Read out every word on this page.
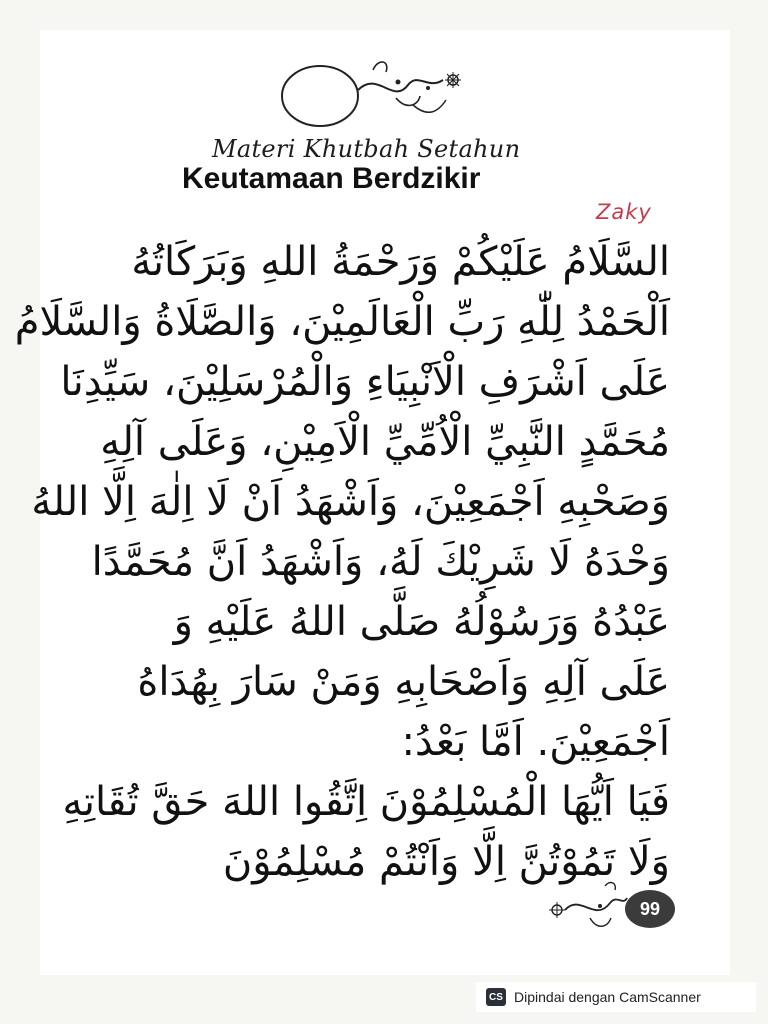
Materi Khutbah Setahun
Keutamaan Berdzikir
Zaky
السَّلَامُ عَلَيْكُمْ وَرَحْمَةُ اللهِ وَبَرَكَاتُهُ
اَلْحَمْدُ لِلّٰهِ رَبِّ الْعَالَمِيْنَ، وَالصَّلَاةُ وَالسَّلَامُ
عَلَى اَشْرَفِ الْاَنْبِيَاءِ وَالْمُرْسَلِيْنَ، سَيِّدِنَا
مُحَمَّدٍ النَّبِيِّ الْاُمِّيِّ الْاَمِيْنِ، وَعَلَى آلِهِ
وَصَحْبِهِ اَجْمَعِيْنَ، وَاَشْهَدُ اَنْ لَا اِلٰهَ اِلَّا اللهُ
وَحْدَهُ لَا شَرِيْكَ لَهُ، وَاَشْهَدُ اَنَّ مُحَمَّدًا
عَبْدُهُ وَرَسُوْلُهُ صَلَّى اللهُ عَلَيْهِ وَ
عَلَى آلِهِ وَاَصْحَابِهِ وَمَنْ سَارَ بِهُدَاهُ
اَجْمَعِيْنَ. اَمَّا بَعْدُ:
فَيَا اَيُّهَا الْمُسْلِمُوْنَ اِتَّقُوا اللهَ حَقَّ تُقَاتِهِ
وَلَا تَمُوْتُنَّ اِلَّا وَاَنْتُمْ مُسْلِمُوْنَ
99
CS Dipindai dengan CamScanner
